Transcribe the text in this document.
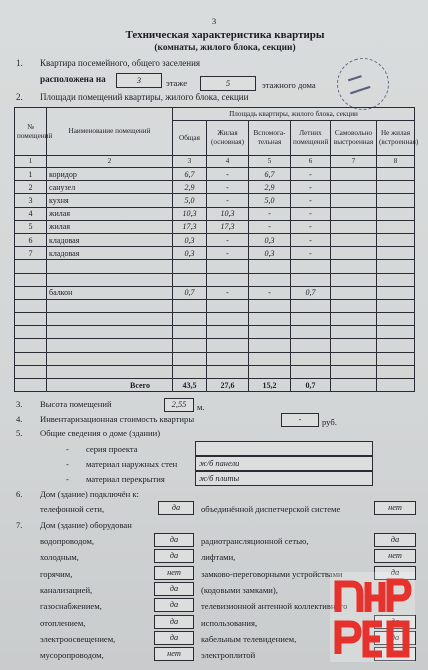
3
Техническая характеристика квартиры
(комнаты, жилого блока, секции)
1. Квартира посемейного, общего заселения
расположена на	3	этаже	5	этажного дома
2. Площади помещений квартиры, жилого блока, секции
№ помещений	Наименование помещений	Площадь квартиры, жилого блока, секции					
		Общая	Жилая (основная)	Вспомога-тельная	Летних помещений	Самовольно выстроенная	Не жилая (встроенная)
1	2	3	4	5	6	7	8
1	коридор	6,7	-	6,7	-		
2	санузел	2,9	-	2,9	-		
3	кухня	5,0	-	5,0	-		
4	жилая	10,3	10,3	-	-		
5	жилая	17,3	17,3	-	-		
6	кладовая	0,3	-	0,3	-		
7	кладовая	0,3	-	0,3	-		

	балкон	0,7	-	-	0,7		

	Всего	43,5	27,6	15,2	0,7		
3. Высота помещений	2,55	м.
4. Инвентаризационная стоимость квартиры	-	руб.
5. Общие сведения о доме (здании)
- серия проекта
- материал наружных стен	ж/б панели
- материал перекрытия	ж/б плиты
6. Дом (здание) подключён к:
телефонной сети,	да	объединённой диспетчерской системе	нет
7. Дом (здание) оборудован
водопроводом,	да
холодным,	да
горячим,	нет
канализацией,	да
газоснабжением,	да
отоплением,	да
электроосвещением,	да
мусоропроводом,	нет
радиотрансляционной сетью,	да
лифтами,	нет
замково-переговорными устройствами	да
(кодовыми замками),
телевизионной антенной коллективного
использования,	да
кабельным телевидением,	да
электроплитой	да
▬▬
▬▬▬
